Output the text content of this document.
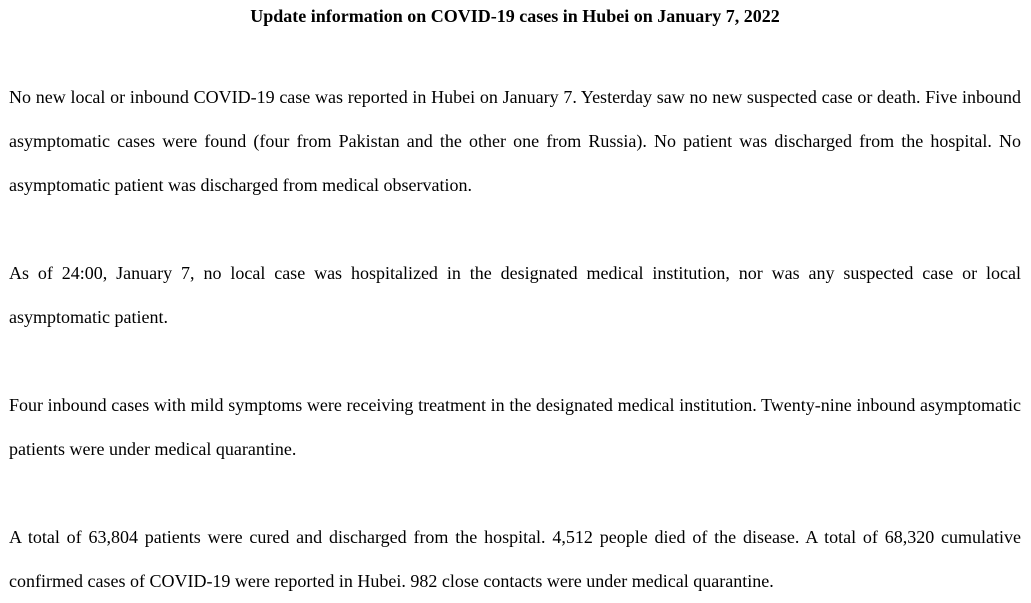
Update information on COVID-19 cases in Hubei on January 7, 2022

No new local or inbound COVID-19 case was reported in Hubei on January 7. Yesterday saw no new suspected case or death. Five inbound asymptomatic cases were found (four from Pakistan and the other one from Russia). No patient was discharged from the hospital. No asymptomatic patient was discharged from medical observation.

As of 24:00, January 7, no local case was hospitalized in the designated medical institution, nor was any suspected case or local asymptomatic patient.

Four inbound cases with mild symptoms were receiving treatment in the designated medical institution. Twenty-nine inbound asymptomatic patients were under medical quarantine.

A total of 63,804 patients were cured and discharged from the hospital. 4,512 people died of the disease. A total of 68,320 cumulative confirmed cases of COVID-19 were reported in Hubei. 982 close contacts were under medical quarantine.
